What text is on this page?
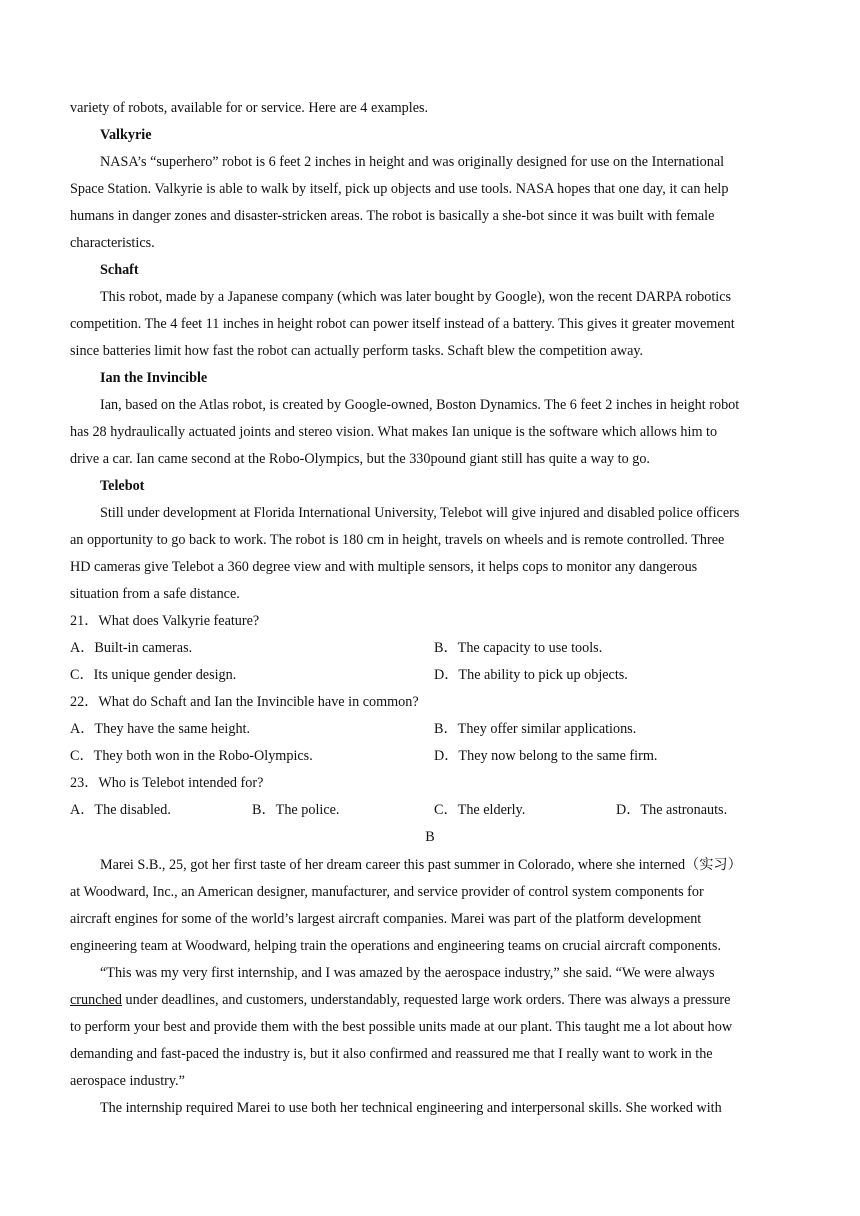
variety of robots, available for or service. Here are 4 examples.
Valkyrie
NASA’s “superhero” robot is 6 feet 2 inches in height and was originally designed for use on the International
Space Station. Valkyrie is able to walk by itself, pick up objects and use tools. NASA hopes that one day, it can help
humans in danger zones and disaster-stricken areas. The robot is basically a she-bot since it was built with female
characteristics.
Schaft
This robot, made by a Japanese company (which was later bought by Google), won the recent DARPA robotics
competition. The 4 feet 11 inches in height robot can power itself instead of a battery. This gives it greater movement
since batteries limit how fast the robot can actually perform tasks. Schaft blew the competition away.
Ian the Invincible
Ian, based on the Atlas robot, is created by Google-owned, Boston Dynamics. The 6 feet 2 inches in height robot
has 28 hydraulically actuated joints and stereo vision. What makes Ian unique is the software which allows him to
drive a car. Ian came second at the Robo-Olympics, but the 330pound giant still has quite a way to go.
Telebot
Still under development at Florida International University, Telebot will give injured and disabled police officers
an opportunity to go back to work. The robot is 180 cm in height, travels on wheels and is remote controlled. Three
HD cameras give Telebot a 360 degree view and with multiple sensors, it helps cops to monitor any dangerous
situation from a safe distance.
21．What does Valkyrie feature?
A．Built-in cameras.	B．The capacity to use tools.
C．Its unique gender design.	D．The ability to pick up objects.
22．What do Schaft and Ian the Invincible have in common?
A．They have the same height.	B．They offer similar applications.
C．They both won in the Robo-Olympics.	D．They now belong to the same firm.
23．Who is Telebot intended for?
A．The disabled.	B．The police.	C．The elderly.	D．The astronauts.
B
Marei S.B., 25, got her first taste of her dream career this past summer in Colorado, where she interned（实习）
at Woodward, Inc., an American designer, manufacturer, and service provider of control system components for
aircraft engines for some of the world’s largest aircraft companies. Marei was part of the platform development
engineering team at Woodward, helping train the operations and engineering teams on crucial aircraft components.
“This was my very first internship, and I was amazed by the aerospace industry,” she said. “We were always
crunched under deadlines, and customers, understandably, requested large work orders. There was always a pressure
to perform your best and provide them with the best possible units made at our plant. This taught me a lot about how
demanding and fast-paced the industry is, but it also confirmed and reassured me that I really want to work in the
aerospace industry.”
The internship required Marei to use both her technical engineering and interpersonal skills. She worked with
